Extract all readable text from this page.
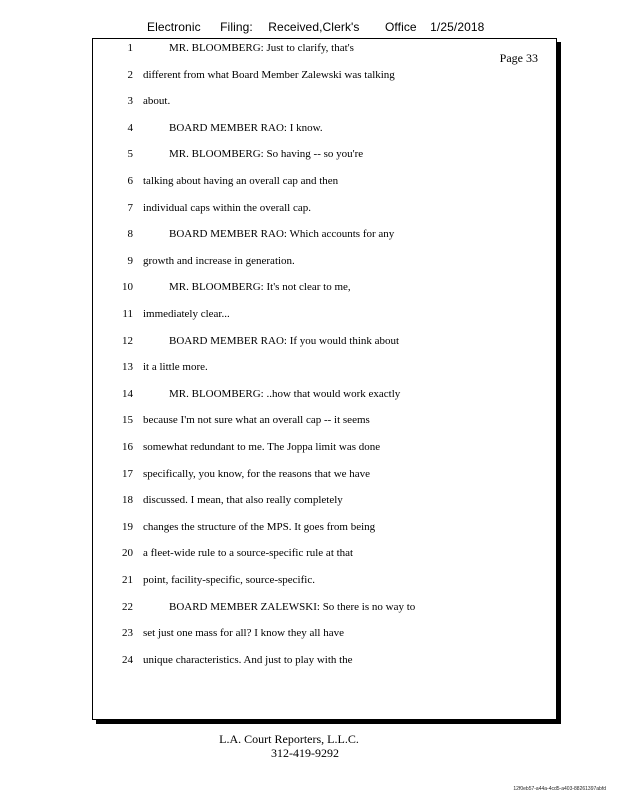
Electronic Filing: Received,Clerk's Office 1/25/2018
Page 33
1	MR. BLOOMBERG: Just to clarify, that's
2 different from what Board Member Zalewski was talking
3 about.
4	BOARD MEMBER RAO: I know.
5	MR. BLOOMBERG: So having -- so you're
6 talking about having an overall cap and then
7 individual caps within the overall cap.
8	BOARD MEMBER RAO: Which accounts for any
9 growth and increase in generation.
10	MR. BLOOMBERG: It's not clear to me,
11 immediately clear...
12	BOARD MEMBER RAO: If you would think about
13 it a little more.
14	MR. BLOOMBERG: ..how that would work exactly
15 because I'm not sure what an overall cap -- it seems
16 somewhat redundant to me. The Joppa limit was done
17 specifically, you know, for the reasons that we have
18 discussed. I mean, that also really completely
19 changes the structure of the MPS. It goes from being
20 a fleet-wide rule to a source-specific rule at that
21 point, facility-specific, source-specific.
22	BOARD MEMBER ZALEWSKI: So there is no way to
23 set just one mass for all? I know they all have
24 unique characteristics. And just to play with the
L.A. Court Reporters, L.L.C.
312-419-9292
12f0eb57-a44a-4cd5-a403-88261397abfd
